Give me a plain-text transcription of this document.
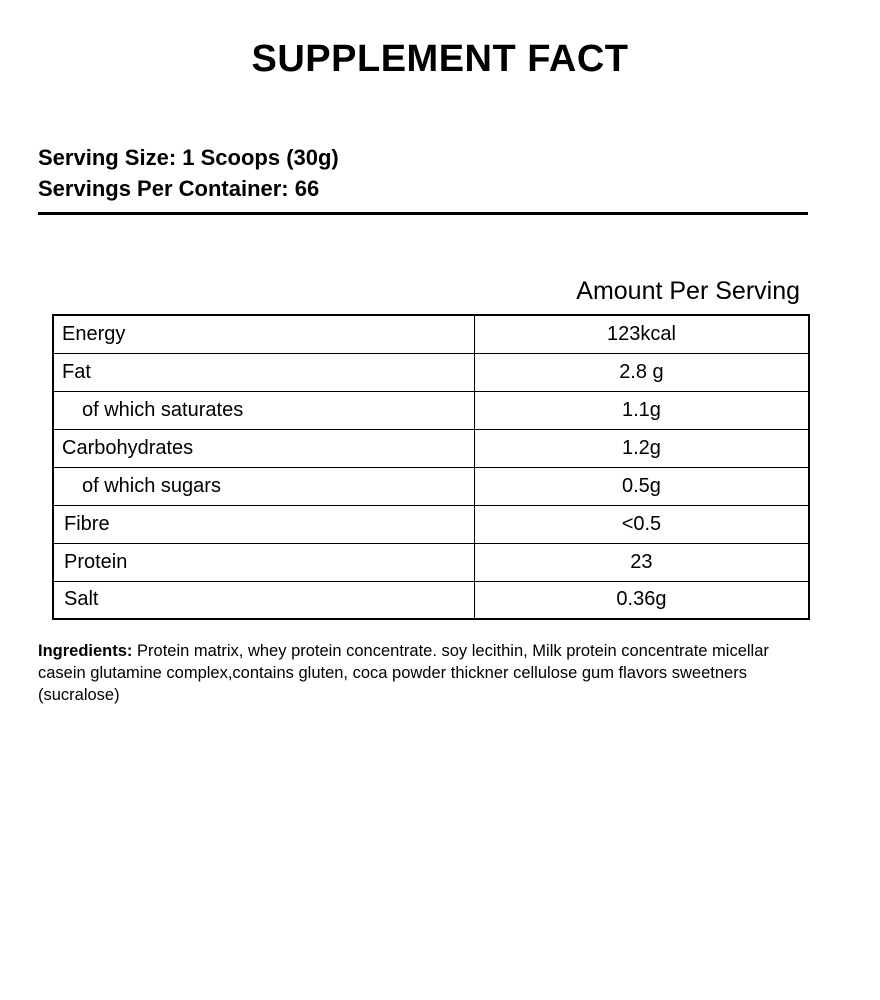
SUPPLEMENT FACT
Serving Size: 1 Scoops (30g)
Servings Per Container: 66
Amount Per Serving
Energy	123kcal
Fat	2.8 g
of which saturates	1.1g
Carbohydrates	1.2g
of which sugars	0.5g
Fibre	<0.5
Protein	23
Salt	0.36g
Ingredients: Protein matrix, whey protein concentrate. soy lecithin, Milk protein concentrate micellar casein glutamine complex,contains gluten, coca powder thickner cellulose gum flavors sweetners (sucralose)
